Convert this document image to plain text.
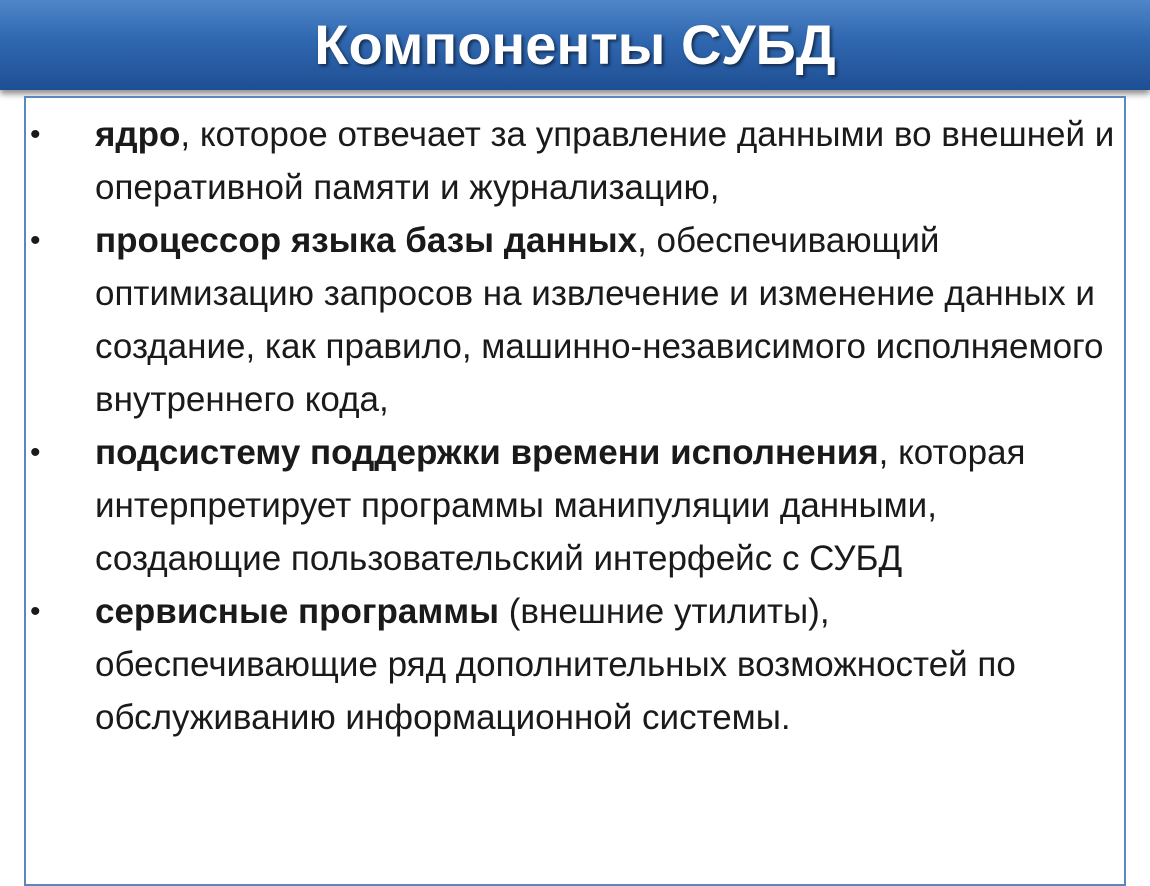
Компоненты СУБД
•	ядро, которое отвечает за управление данными во внешней и оперативной памяти и журнализацию,
•	процессор языка базы данных, обеспечивающий оптимизацию запросов на извлечение и изменение данных и создание, как правило, машинно-независимого исполняемого внутреннего кода,
•	подсистему поддержки времени исполнения, которая интерпретирует программы манипуляции данными, создающие пользовательский интерфейс с СУБД
•	сервисные программы (внешние утилиты), обеспечивающие ряд дополнительных возможностей по обслуживанию информационной системы.
